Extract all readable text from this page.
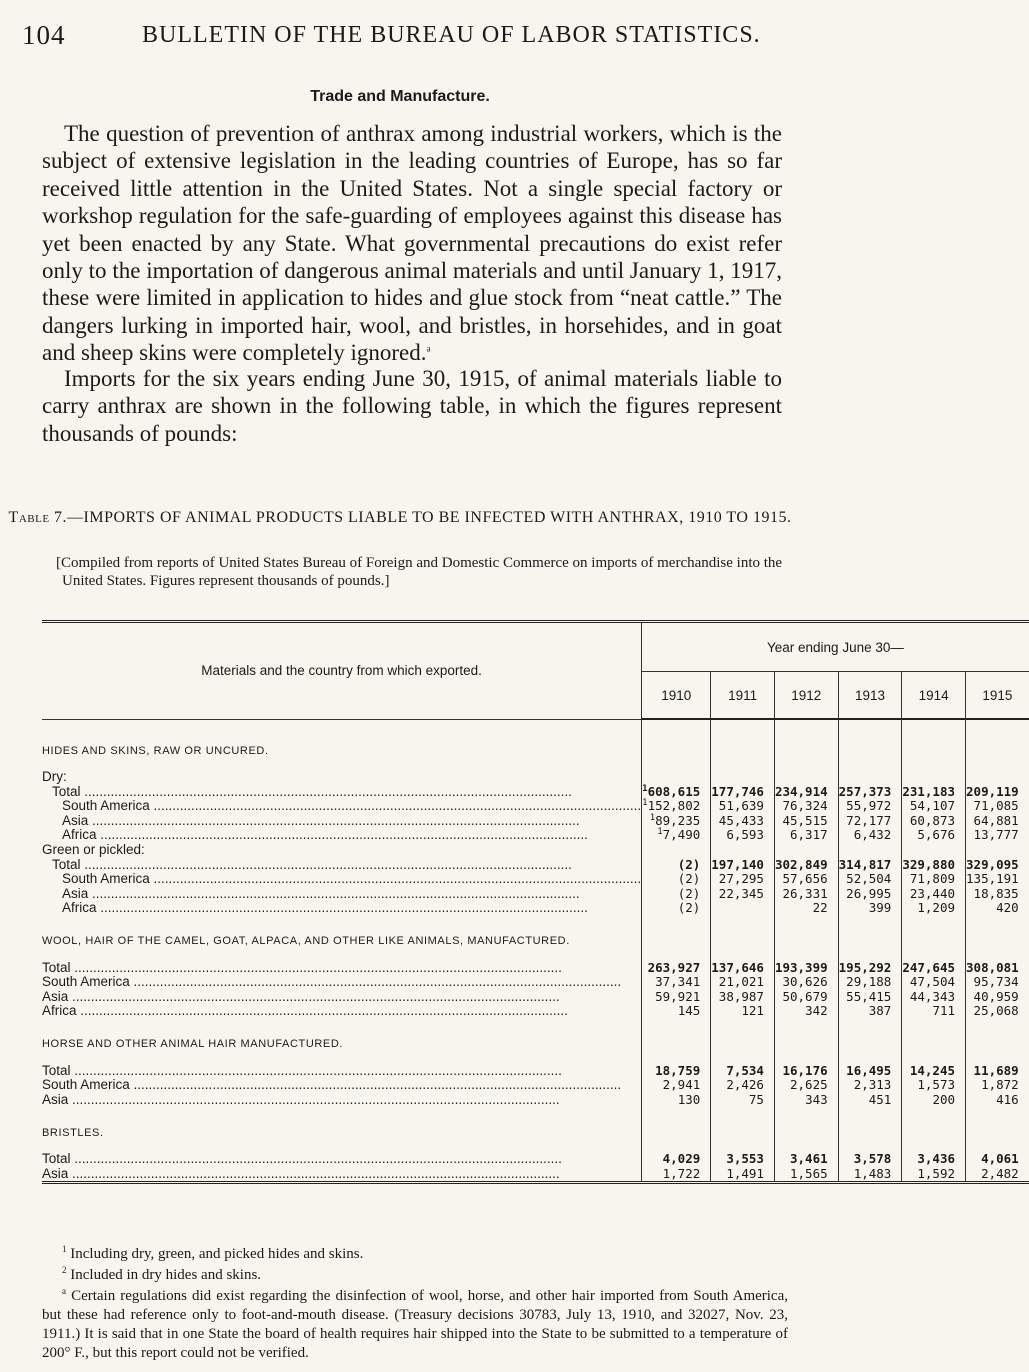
104	BULLETIN OF THE BUREAU OF LABOR STATISTICS.
Trade and Manufacture.

The question of prevention of anthrax among industrial workers, which is the subject of extensive legislation in the leading countries of Europe, has so far received little attention in the United States. Not a single special factory or workshop regulation for the safe-guarding of employees against this disease has yet been enacted by any State. What governmental precautions do exist refer only to the importation of dangerous animal materials and until January 1, 1917, these were limited in application to hides and glue stock from “neat cattle.” The dangers lurking in imported hair, wool, and bristles, in horsehides, and in goat and sheep skins were completely ignored.$^a$

Imports for the six years ending June 30, 1915, of animal materials liable to carry anthrax are shown in the following table, in which the figures represent thousands of pounds:

Table 7.—IMPORTS OF ANIMAL PRODUCTS LIABLE TO BE INFECTED WITH ANTHRAX, 1910 TO 1915.
[Compiled from reports of United States Bureau of Foreign and Domestic Commerce on imports of merchandise into the United States. Figures represent thousands of pounds.]
Materials and the country from which exported.	Year ending June 30—					
	1910	1911	1912	1913	1914	1915
HIDES AND SKINS, RAW OR UNCURED.						

Dry:						
Total .....	$^1$608,615	177,746	234,914	257,373	231,183	209,119
South America .....	$^1$152,802	51,639	76,324	55,972	54,107	71,085
Asia .....	$^1$89,235	45,433	45,515	72,177	60,873	64,881
Africa .....	$^1$7,490	6,593	6,317	6,432	5,676	13,777
Green or pickled:						
Total .....	(2)	197,140	302,849	314,817	329,880	329,095
South America .....	(2)	27,295	57,656	52,504	71,809	135,191
Asia .....	(2)	22,345	26,331	26,995	23,440	18,835
Africa .....	(2)		22	399	1,209	420
WOOL, HAIR OF THE CAMEL, GOAT, ALPACA, AND OTHER LIKE ANIMALS, MANUFACTURED.						

Total .....	263,927	137,646	193,399	195,292	247,645	308,081
South America .....	37,341	21,021	30,626	29,188	47,504	95,734
Asia .....	59,921	38,987	50,679	55,415	44,343	40,959
Africa .....	145	121	342	387	711	25,068
HORSE AND OTHER ANIMAL HAIR MANUFACTURED.						

Total .....	18,759	7,534	16,176	16,495	14,245	11,689
South America .....	2,941	2,426	2,625	2,313	1,573	1,872
Asia .....	130	75	343	451	200	416
BRISTLES.						

Total .....	4,029	3,553	3,461	3,578	3,436	4,061
Asia .....	1,722	1,491	1,565	1,483	1,592	2,482

$^1$ Including dry, green, and picked hides and skins.

$^2$ Included in dry hides and skins.

$^a$ Certain regulations did exist regarding the disinfection of wool, horse, and other hair imported from South America, but these had reference only to foot-and-mouth disease. (Treasury decisions 30783, July 13, 1910, and 32027, Nov. 23, 1911.) It is said that in one State the board of health requires hair shipped into the State to be submitted to a temperature of 200° F., but this report could not be verified.
